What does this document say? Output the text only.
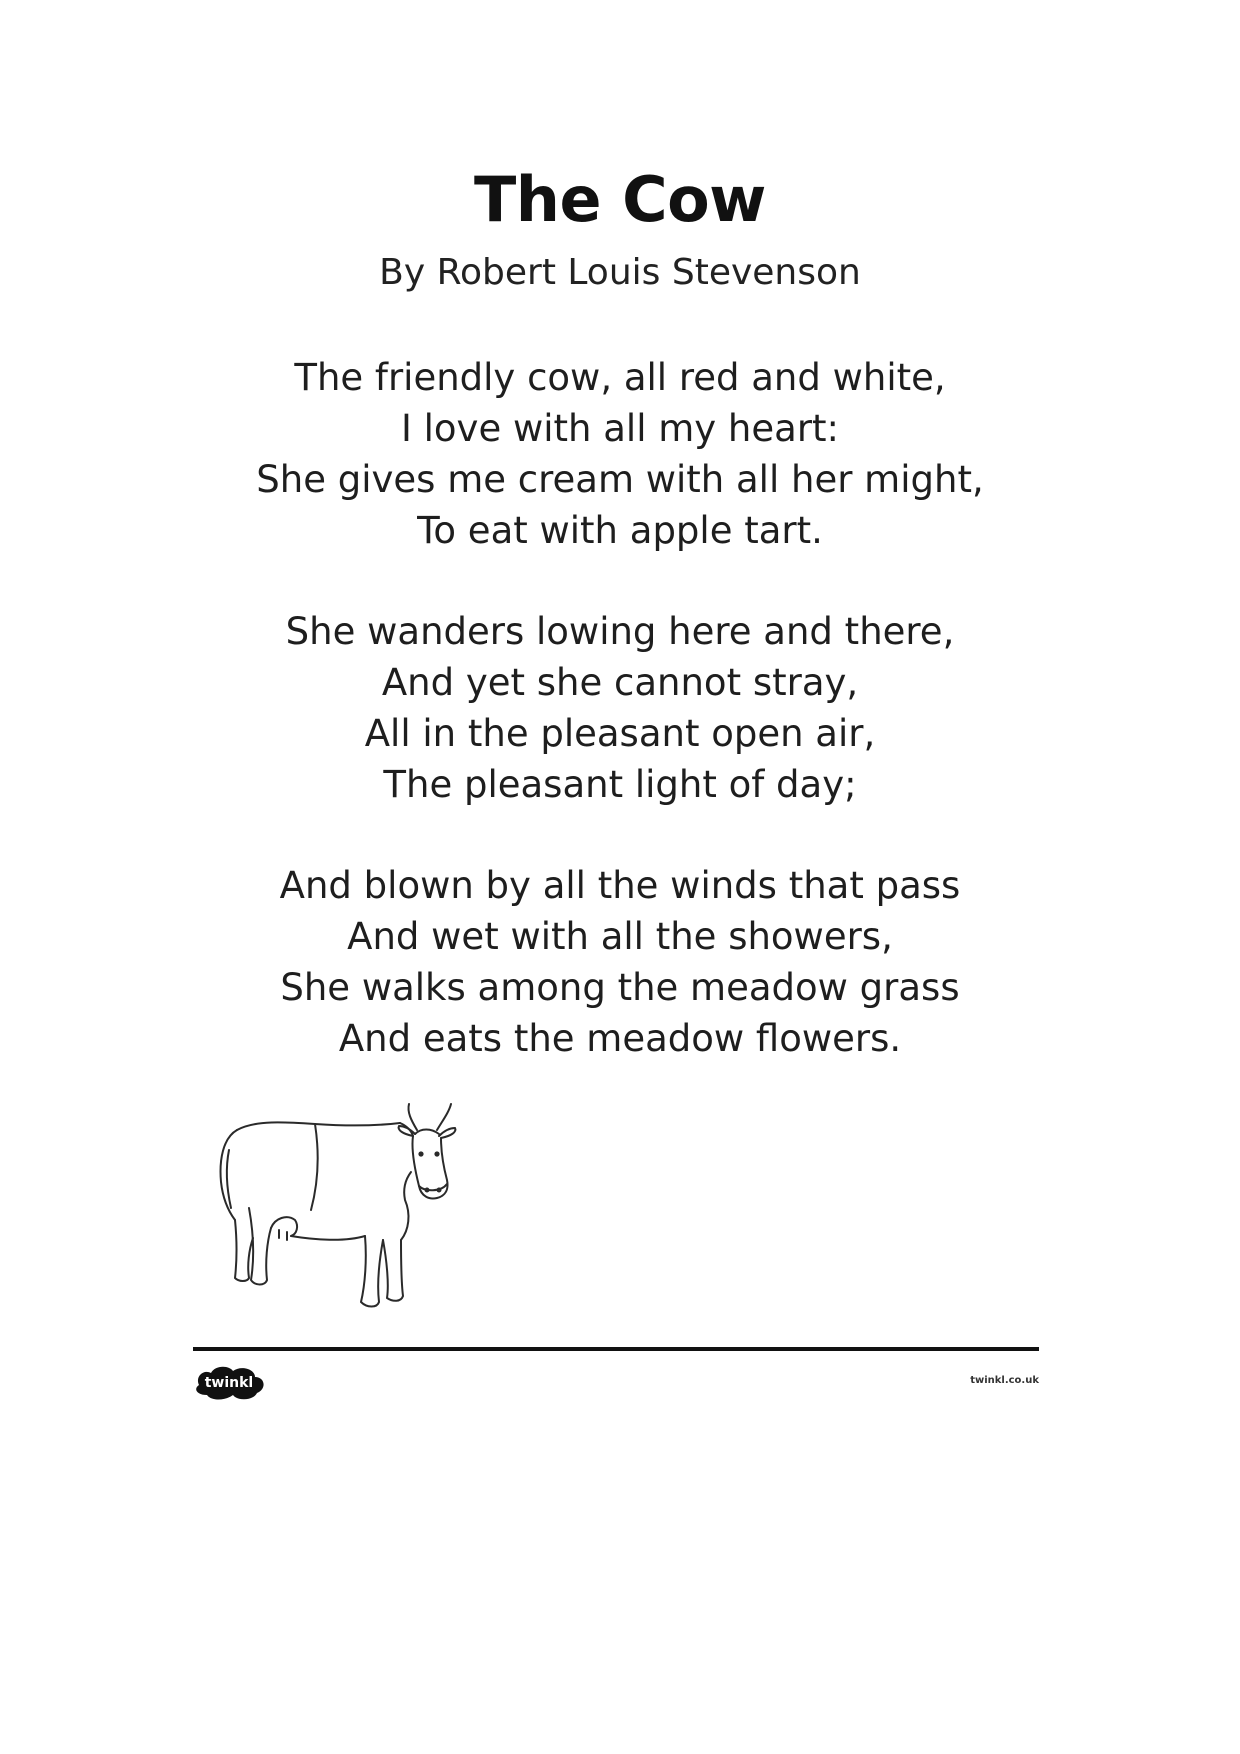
The Cow
By Robert Louis Stevenson
The friendly cow, all red and white,
I love with all my heart:
She gives me cream with all her might,
To eat with apple tart.
She wanders lowing here and there,
And yet she cannot stray,
All in the pleasant open air,
The pleasant light of day;
And blown by all the winds that pass
And wet with all the showers,
She walks among the meadow grass
And eats the meadow flowers.
twinkl	twinkl.co.uk
